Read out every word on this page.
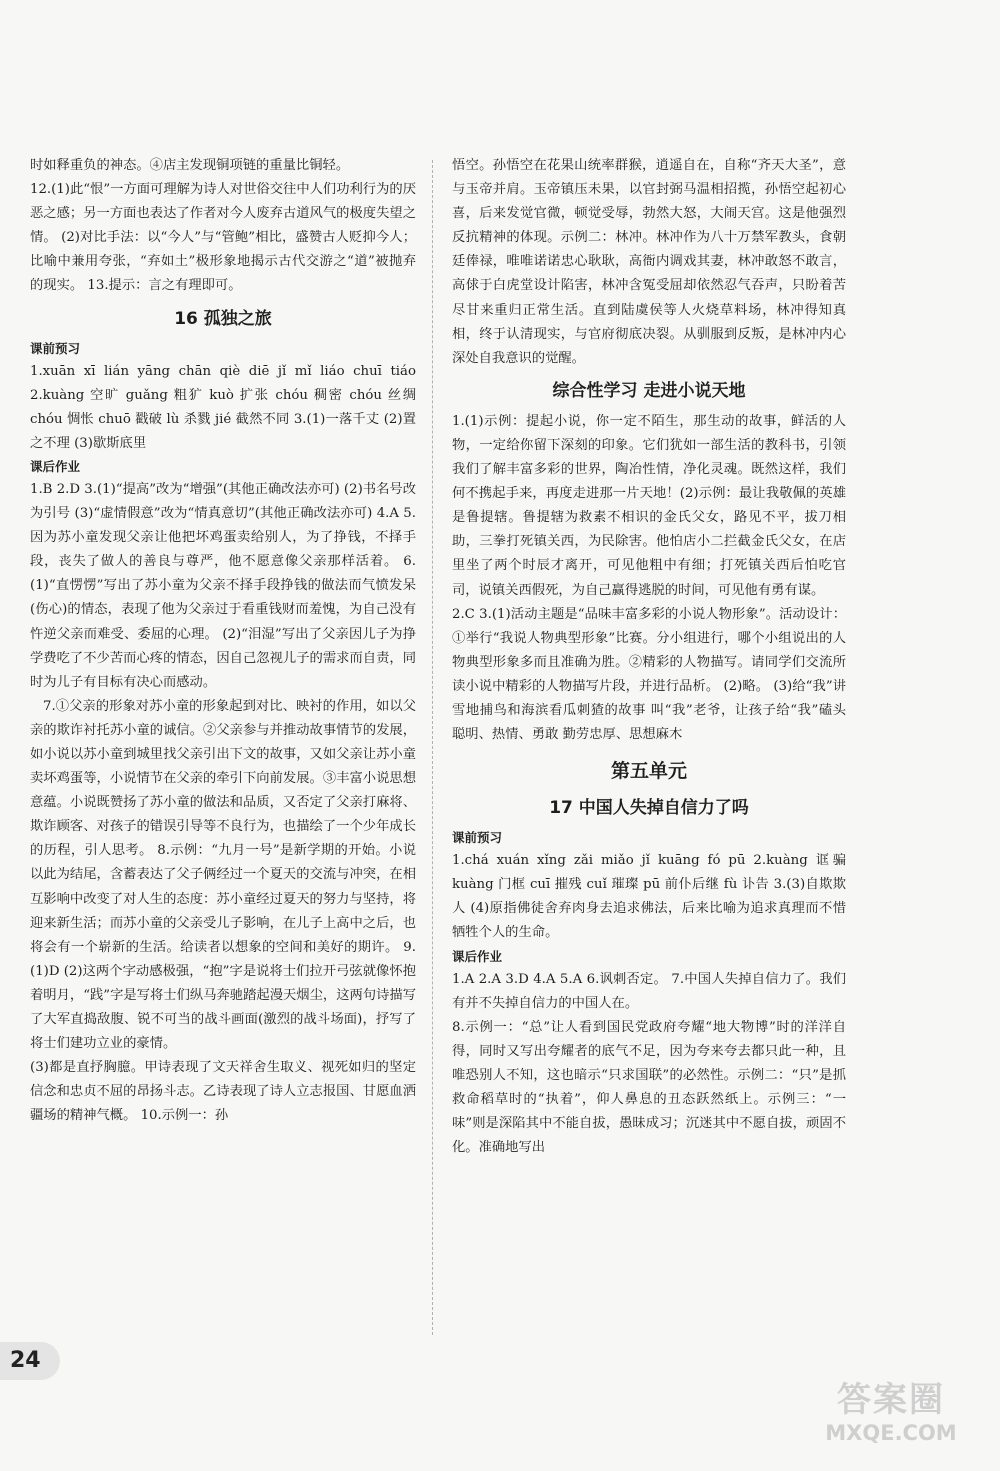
时如释重负的神态。④店主发现铜项链的重量比铜轻。

12.(1)此“恨”一方面可理解为诗人对世俗交往中人们功利行为的厌恶之感；另一方面也表达了作者对今人废弃古道风气的极度失望之情。 (2)对比手法：以“今人”与“管鲍”相比，盛赞古人贬抑今人；比喻中兼用夸张，“弃如土”极形象地揭示古代交游之“道”被抛弃的现实。 13.提示：言之有理即可。

16 孤独之旅
课前预习

1.xuān xī lián yāng chān qiè diē jǐ mǐ liáo chuī tiáo 2.kuàng 空旷 guǎng 粗犷 kuò 扩张 chóu 稠密 chóu 丝绸 chóu 惆怅 chuō 戳破 lù 杀戮 jié 截然不同 3.(1)一落千丈 (2)置之不理 (3)歇斯底里

课后作业

1.B 2.D 3.(1)“提高”改为“增强”(其他正确改法亦可) (2)书名号改为引号 (3)“虚情假意”改为“情真意切”(其他正确改法亦可) 4.A 5.因为苏小童发现父亲让他把坏鸡蛋卖给别人，为了挣钱，不择手段，丧失了做人的善良与尊严，他不愿意像父亲那样活着。 6.(1)“直愣愣”写出了苏小童为父亲不择手段挣钱的做法而气愤发呆(伤心)的情态，表现了他为父亲过于看重钱财而羞愧，为自己没有忤逆父亲而难受、委屈的心理。 (2)“泪湿”写出了父亲因儿子为挣学费吃了不少苦而心疼的情态，因自己忽视儿子的需求而自责，同时为儿子有目标有决心而感动。

7.①父亲的形象对苏小童的形象起到对比、映衬的作用，如以父亲的欺诈衬托苏小童的诚信。②父亲参与并推动故事情节的发展，如小说以苏小童到城里找父亲引出下文的故事，又如父亲让苏小童卖坏鸡蛋等，小说情节在父亲的牵引下向前发展。③丰富小说思想意蕴。小说既赞扬了苏小童的做法和品质，又否定了父亲打麻将、欺诈顾客、对孩子的错误引导等不良行为，也描绘了一个少年成长的历程，引人思考。 8.示例：“九月一号”是新学期的开始。小说以此为结尾，含蓄表达了父子俩经过一个夏天的交流与冲突，在相互影响中改变了对人生的态度：苏小童经过夏天的努力与坚持，将迎来新生活；而苏小童的父亲受儿子影响，在儿子上高中之后，也将会有一个崭新的生活。给读者以想象的空间和美好的期许。 9.(1)D (2)这两个字动感极强，“抱”字是说将士们拉开弓弦就像怀抱着明月，“践”字是写将士们纵马奔驰踏起漫天烟尘，这两句诗描写了大军直捣敌腹、锐不可当的战斗画面(激烈的战斗场面)，抒写了将士们建功立业的豪情。

(3)都是直抒胸臆。甲诗表现了文天祥舍生取义、视死如归的坚定信念和忠贞不屈的昂扬斗志。乙诗表现了诗人立志报国、甘愿血洒疆场的精神气概。 10.示例一：孙

悟空。孙悟空在花果山统率群猴，逍遥自在，自称“齐天大圣”，意与玉帝并肩。玉帝镇压未果，以官封弼马温相招揽，孙悟空起初心喜，后来发觉官微，顿觉受辱，勃然大怒，大闹天宫。这是他强烈反抗精神的体现。示例二：林冲。林冲作为八十万禁军教头，食朝廷俸禄，唯唯诺诺忠心耿耿，高衙内调戏其妻，林冲敢怒不敢言，高俅于白虎堂设计陷害，林冲含冤受屈却依然忍气吞声，只盼着苦尽甘来重归正常生活。直到陆虞侯等人火烧草料场，林冲得知真相，终于认清现实，与官府彻底决裂。从驯服到反叛，是林冲内心深处自我意识的觉醒。

综合性学习 走进小说天地

1.(1)示例：提起小说，你一定不陌生，那生动的故事，鲜活的人物，一定给你留下深刻的印象。它们犹如一部生活的教科书，引领我们了解丰富多彩的世界，陶冶性情，净化灵魂。既然这样，我们何不携起手来，再度走进那一片天地！(2)示例：最让我敬佩的英雄是鲁提辖。鲁提辖为救素不相识的金氏父女，路见不平，拔刀相助，三拳打死镇关西，为民除害。他怕店小二拦截金氏父女，在店里坐了两个时辰才离开，可见他粗中有细；打死镇关西后怕吃官司，说镇关西假死，为自己赢得逃脱的时间，可见他有勇有谋。

2.C 3.(1)活动主题是“品味丰富多彩的小说人物形象”。活动设计：①举行“我说人物典型形象”比赛。分小组进行，哪个小组说出的人物典型形象多而且准确为胜。②精彩的人物描写。请同学们交流所读小说中精彩的人物描写片段，并进行品析。 (2)略。 (3)给“我”讲雪地捕鸟和海滨看瓜刺猹的故事 叫“我”老爷，让孩子给“我”磕头 聪明、热情、勇敢 勤劳忠厚、思想麻木

第五单元
17 中国人失掉自信力了吗
课前预习

1.chá xuán xǐng zǎi miǎo jǐ kuāng fó pū 2.kuàng 诓骗 kuàng 门框 cuī 摧残 cuǐ 璀璨 pū 前仆后继 fù 讣告 3.(3)自欺欺人 (4)原指佛徒舍弃肉身去追求佛法，后来比喻为追求真理而不惜牺牲个人的生命。

课后作业

1.A 2.A 3.D 4.A 5.A 6.讽刺否定。 7.中国人失掉自信力了。我们有并不失掉自信力的中国人在。

8.示例一：“总”让人看到国民党政府夸耀“地大物博”时的洋洋自得，同时又写出夸耀者的底气不足，因为夸来夸去都只此一种，且唯恐别人不知，这也暗示“只求国联”的必然性。示例二：“只”是抓救命稻草时的“执着”，仰人鼻息的丑态跃然纸上。示例三：“一味”则是深陷其中不能自拔，愚昧成习；沉迷其中不愿自拔，顽固不化。准确地写出

24
答案圈
MXQE.COM
